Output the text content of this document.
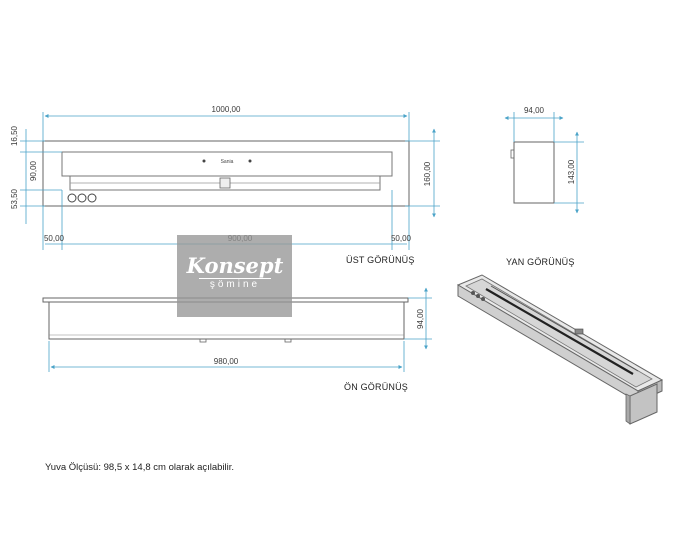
Sania
1000,00
50,00	50,00
160,00
16,50
90,00
53,50
94,00
143,00
94,00
980,00
Konsept
şömine
ÜST GÖRÜNÜŞ	YAN GÖRÜNÜŞ
ÖN GÖRÜNÜŞ
Yuva Ölçüsü: 98,5 x 14,8 cm olarak açılabilir.
